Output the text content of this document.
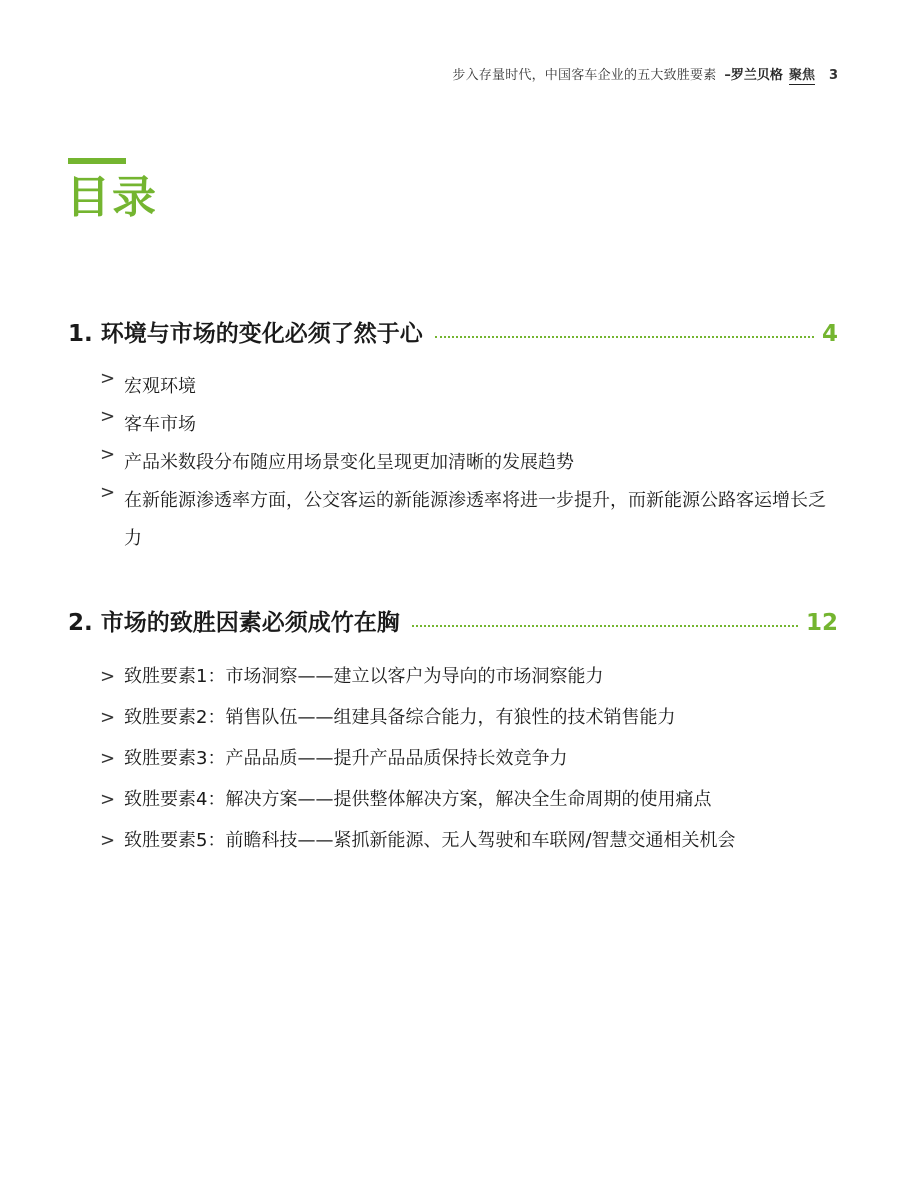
步入存量时代，中国客车企业的五大致胜要素 – 罗兰贝格 聚焦 3
目录
1. 环境与市场的变化必须了然于心	4
> 宏观环境
> 客车市场
> 产品米数段分布随应用场景变化呈现更加清晰的发展趋势
> 在新能源渗透率方面，公交客运的新能源渗透率将进一步提升，而新能源公路客运增长乏力
2. 市场的致胜因素必须成竹在胸	12
> 致胜要素1：市场洞察——建立以客户为导向的市场洞察能力
> 致胜要素2：销售队伍——组建具备综合能力，有狼性的技术销售能力
> 致胜要素3：产品品质——提升产品品质保持长效竞争力
> 致胜要素4：解决方案——提供整体解决方案，解决全生命周期的使用痛点
> 致胜要素5：前瞻科技——紧抓新能源、无人驾驶和车联网/智慧交通相关机会
